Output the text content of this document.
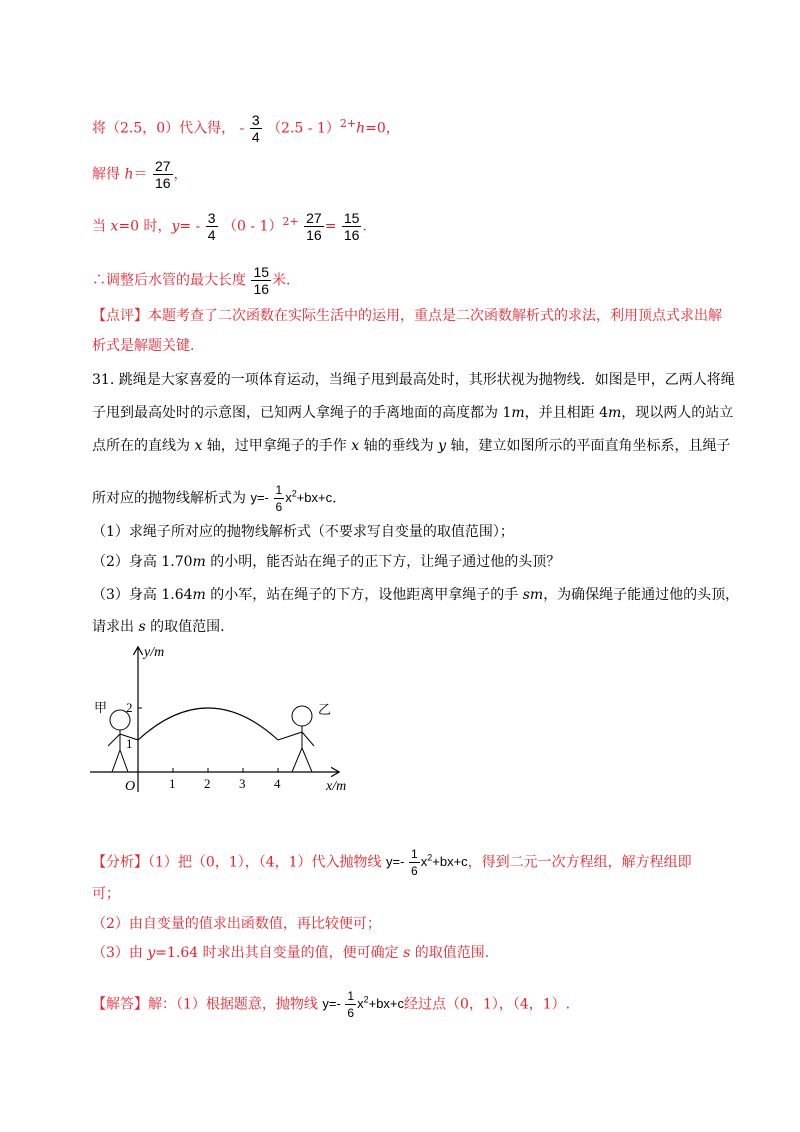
将（2.5，0）代入得， - $\frac{3}{4} (2.5 - 1)^{2+}h=0$，
解得 $h= \frac{27}{16}$ ，
当 x=0 时，$y= - \frac{3}{4} (0 - 1)^{2+} \frac{27}{16} = \frac{15}{16}$ .
∴调整后水管的最大长度 $\frac{15}{16}$ 米.
【点评】本题考查了二次函数在实际生活中的运用，重点是二次函数解析式的求法，利用顶点式求出解
析式是解题关键.
31. 跳绳是大家喜爱的一项体育运动，当绳子甩到最高处时，其形状视为抛物线．如图是甲，乙两人将绳
子甩到最高处时的示意图，已知两人拿绳子的手离地面的高度都为 1m，并且相距 4m，现以两人的站立
点所在的直线为 x 轴，过甲拿绳子的手作 x 轴的垂线为 y 轴，建立如图所示的平面直角坐标系，且绳子
所对应的抛物线解析式为 $y=- \frac{1}{6} x^2+bx+c$.
（1）求绳子所对应的抛物线解析式（不要求写自变量的取值范围）；
（2）身高 1.70m 的小明，能否站在绳子的正下方，让绳子通过他的头顶？
（3）身高 1.64m 的小军，站在绳子的下方，设他距离甲拿绳子的手 sm，为确保绳子能通过他的头顶，
请求出 s 的取值范围.
y/m
x/m
O	1 2 3 4
2
1
甲	乙
【分析】（1）把（0，1），（4，1）代入抛物线 $y=- \frac{1}{6} x^2+bx+c$，得到二元一次方程组，解方程组即
可；
（2）由自变量的值求出函数值，再比较便可；
（3）由 y=1.64 时求出其自变量的值，便可确定 s 的取值范围.
【解答】解：（1）根据题意，抛物线 $y=- \frac{1}{6} x^2+bx+c$经过点（0，1），（4，1）.
